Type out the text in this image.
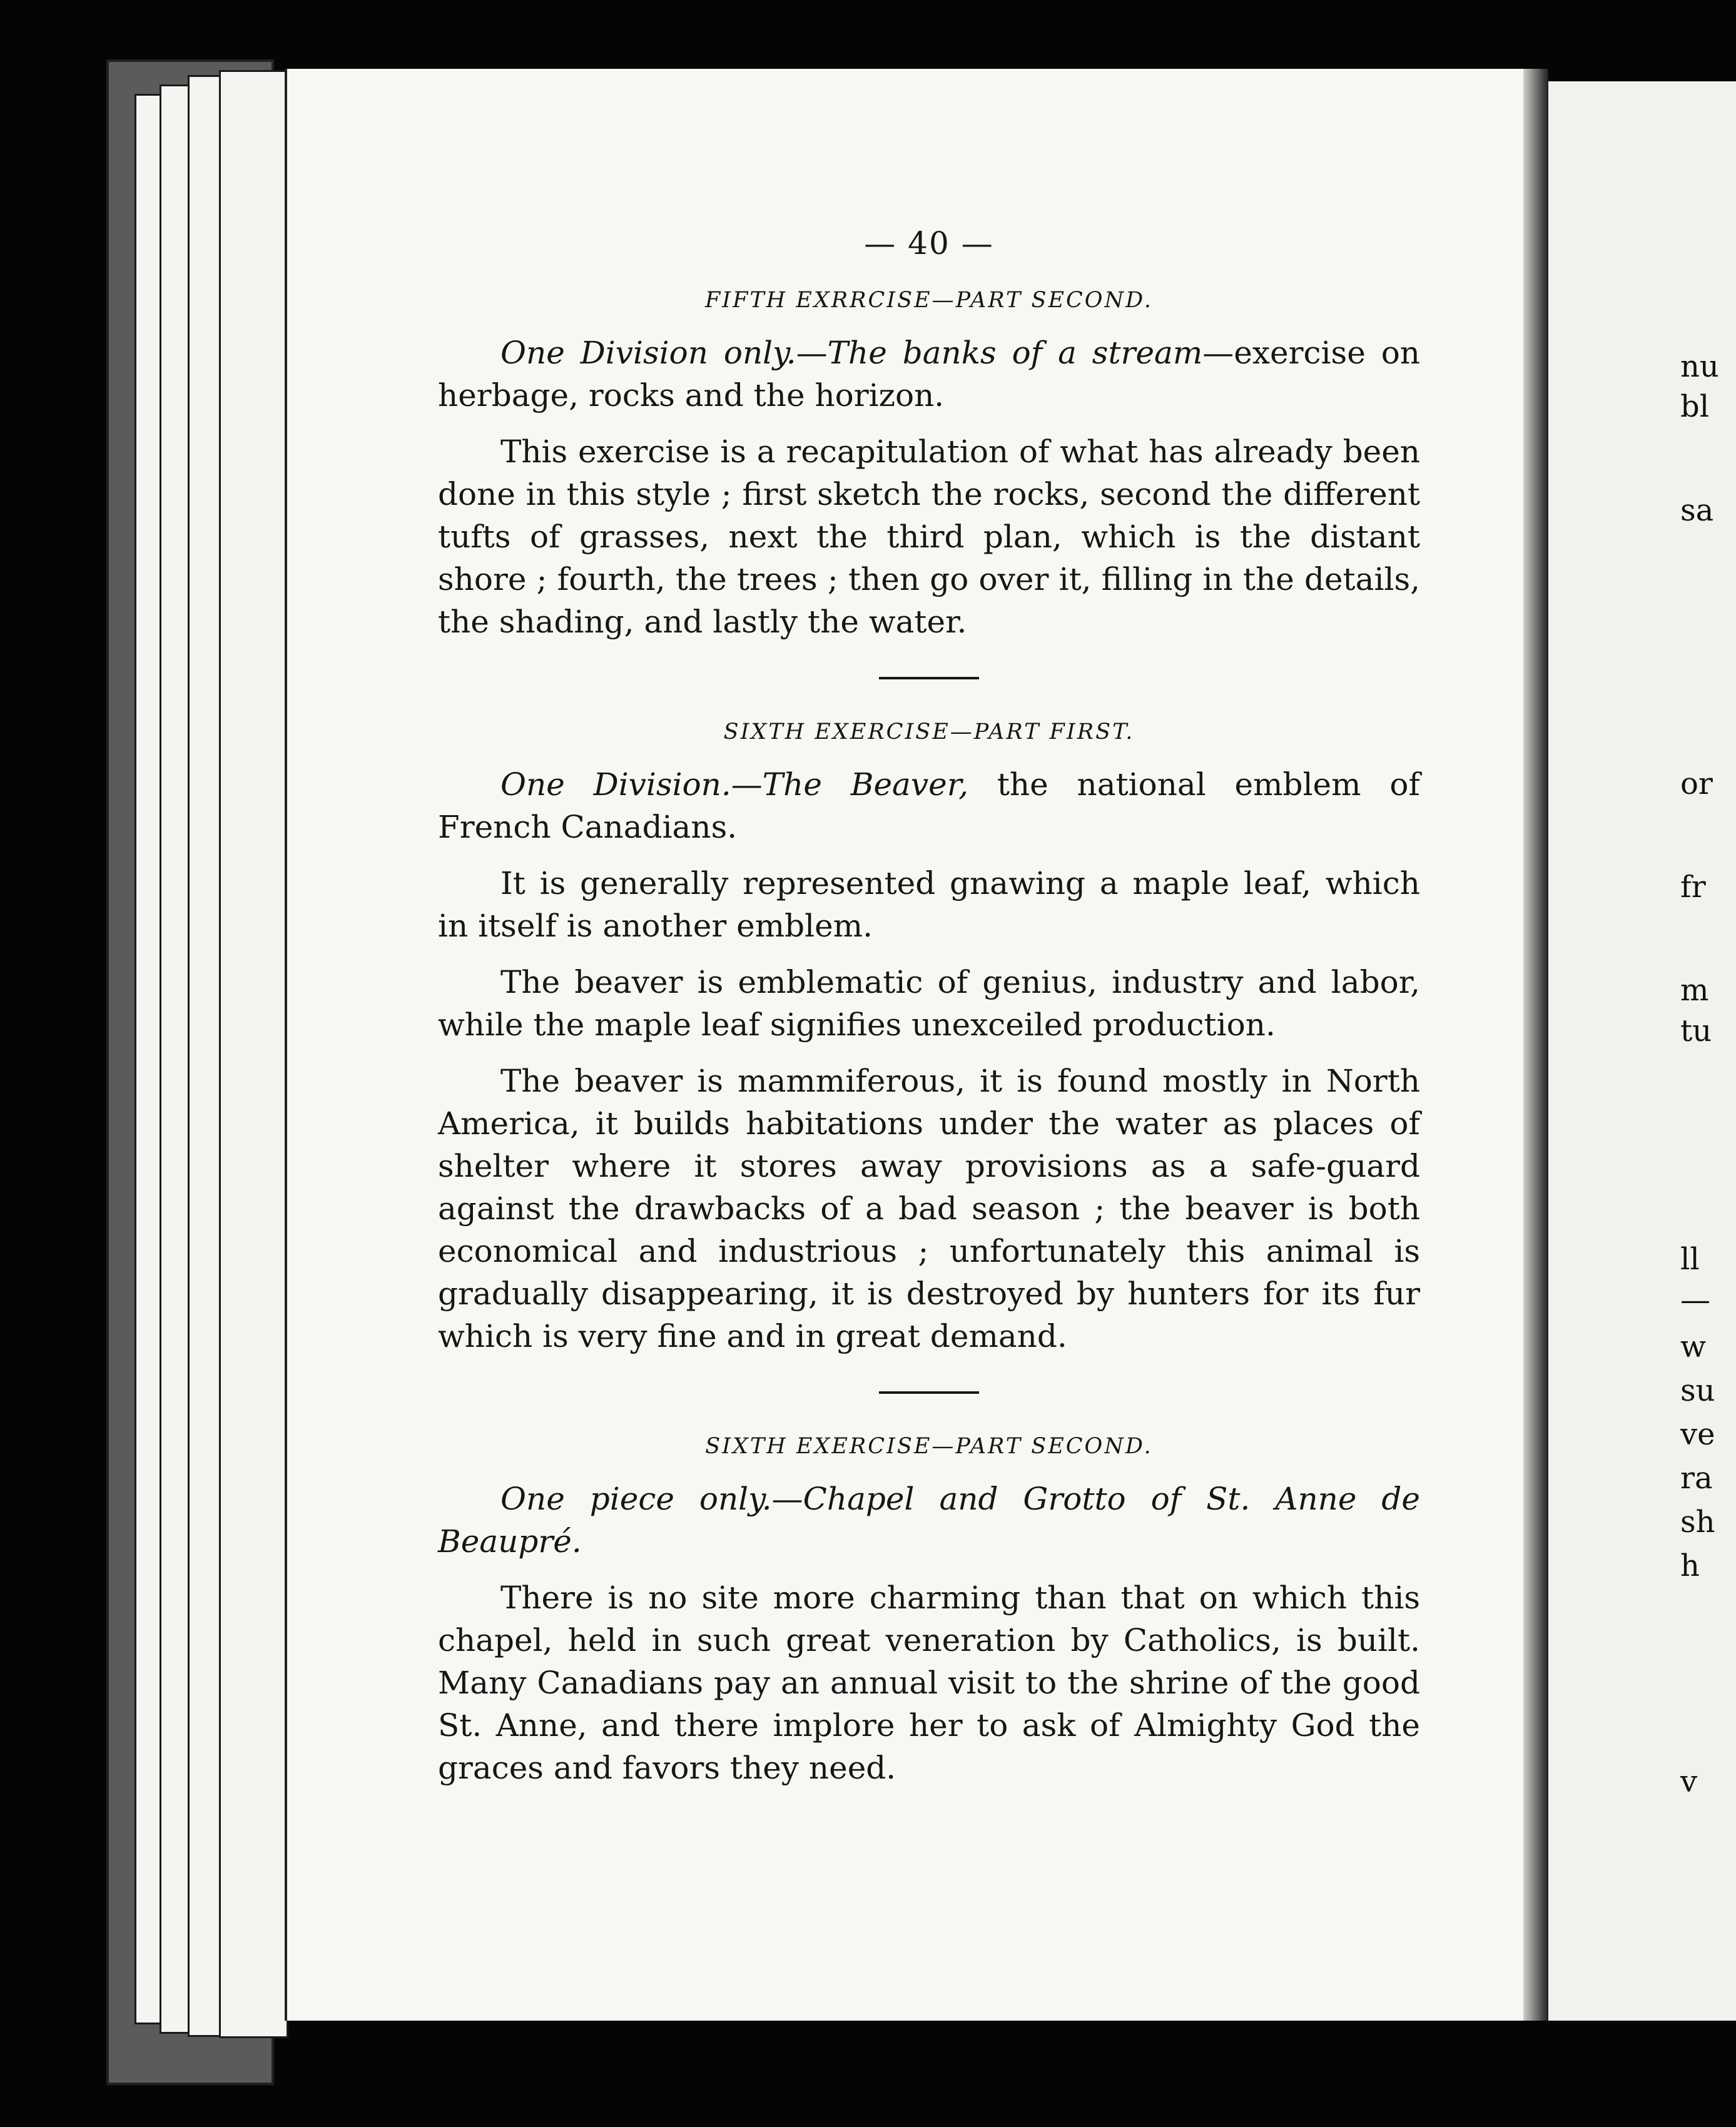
nu
bl
sa
or
fr
m
tu
ll
—
w
su
ve
ra
sh
h
v
— 40 —
FIFTH EXRRCISE—PART SECOND.

One Division only.—The banks of a stream—exercise on herbage, rocks and the horizon.

This exercise is a recapitulation of what has already been done in this style ; first sketch the rocks, second the different tufts of grasses, next the third plan, which is the distant shore ; fourth, the trees ; then go over it, filling in the details, the shading, and lastly the water.

SIXTH EXERCISE—PART FIRST.

One Division.—The Beaver, the national emblem of French Canadians.

It is generally represented gnawing a maple leaf, which in itself is another emblem.

The beaver is emblematic of genius, industry and labor, while the maple leaf signifies unexceiled production.

The beaver is mammiferous, it is found mostly in North America, it builds habitations under the water as places of shelter where it stores away provisions as a safe-guard against the drawbacks of a bad season ; the beaver is both economical and industrious ; unfortunately this animal is gradually disappearing, it is destroyed by hunters for its fur which is very fine and in great demand.

SIXTH EXERCISE—PART SECOND.

One piece only.—Chapel and Grotto of St. Anne de Beaupré.

There is no site more charming than that on which this chapel, held in such great veneration by Catholics, is built. Many Canadians pay an annual visit to the shrine of the good St. Anne, and there implore her to ask of Almighty God the graces and favors they need.
